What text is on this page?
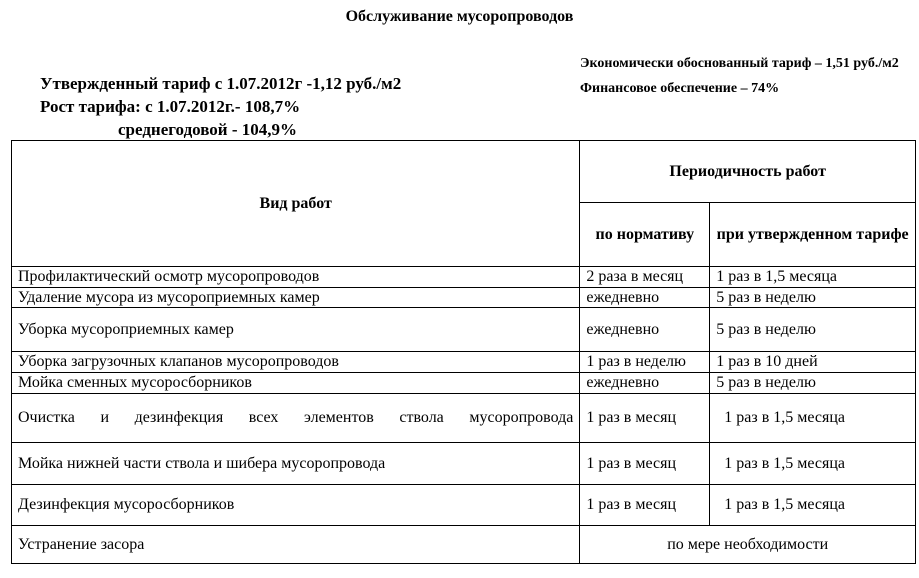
Обслуживание мусоропроводов
Утвержденный тариф с 1.07.2012г -1,12 руб./м2
Рост тарифа: с 1.07.2012г.- 108,7%
среднегодовой - 104,9%
Экономически обоснованный тариф – 1,51 руб./м2
Финансовое обеспечение – 74%
Вид работ	Периодичность работ	
	по нормативу	при утвержденном тарифе
Профилактический осмотр мусоропроводов	2 раза в месяц	1 раз в 1,5 месяца
Удаление мусора из мусороприемных камер	ежедневно	5 раз в неделю
Уборка мусороприемных камер	ежедневно	5 раз в неделю
Уборка загрузочных клапанов мусоропроводов	1 раз в неделю	1 раз в 10 дней
Мойка сменных мусоросборников	ежедневно	5 раз в неделю
Очистка и дезинфекция всех элементов ствола мусоропровода	1 раз в месяц	1 раз в 1,5 месяца
Мойка нижней части ствола и шибера мусоропровода	1 раз в месяц	1 раз в 1,5 месяца
Дезинфекция мусоросборников	1 раз в месяц	1 раз в 1,5 месяца
Устранение засора	по мере необходимости	
